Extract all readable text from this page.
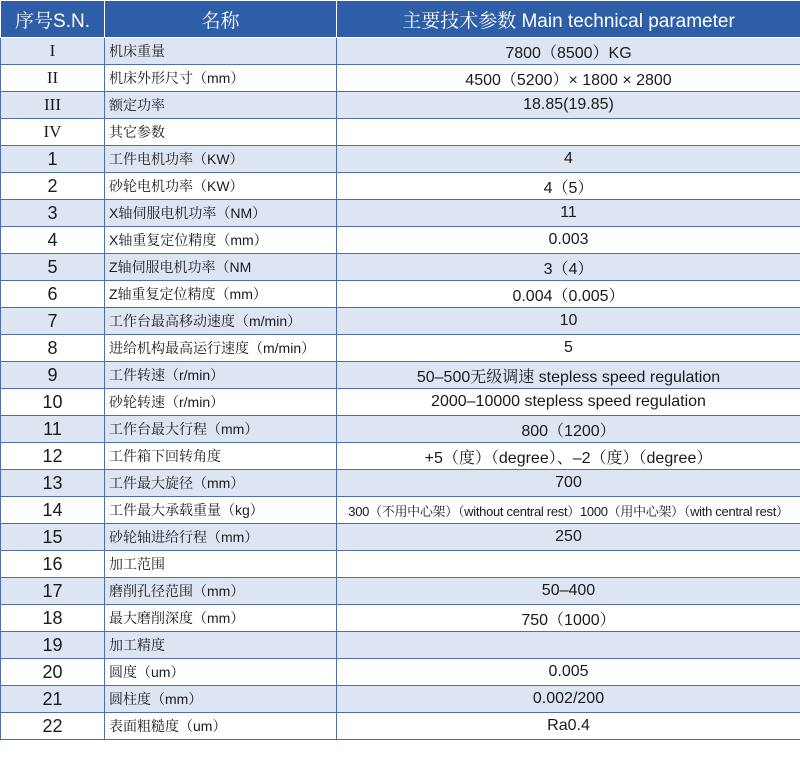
序号S.N.	名称	主要技术参数 Main technical parameter
I	机床重量	7800（8500）KG
II	机床外形尺寸（mm）	4500（5200）× 1800 × 2800
III	额定功率	18.85(19.85)
IV	其它参数	
1	工件电机功率（KW）	4
2	砂轮电机功率（KW）	4（5）
3	X轴伺服电机功率（NM）	11
4	X轴重复定位精度（mm）	0.003
5	Z轴伺服电机功率（NM	3（4）
6	Z轴重复定位精度（mm）	0.004（0.005）
7	工作台最高移动速度（m/min）	10
8	进给机构最高运行速度（m/min）	5
9	工件转速（r/min）	50–500无级调速 stepless speed regulation
10	砂轮转速（r/min）	2000–10000 stepless speed regulation
11	工作台最大行程（mm）	800（1200）
12	工件箱下回转角度	+5（度）（degree）、–2（度）（degree）
13	工件最大旋径（mm）	700
14	工件最大承载重量（kg）	300（不用中心架）（without central rest）1000（用中心架）（with central rest）
15	砂轮轴进给行程（mm）	250
16	加工范围	
17	磨削孔径范围（mm）	50–400
18	最大磨削深度（mm）	750（1000）
19	加工精度	
20	圆度（um）	0.005
21	圆柱度（mm）	0.002/200
22	表面粗糙度（um）	Ra0.4
